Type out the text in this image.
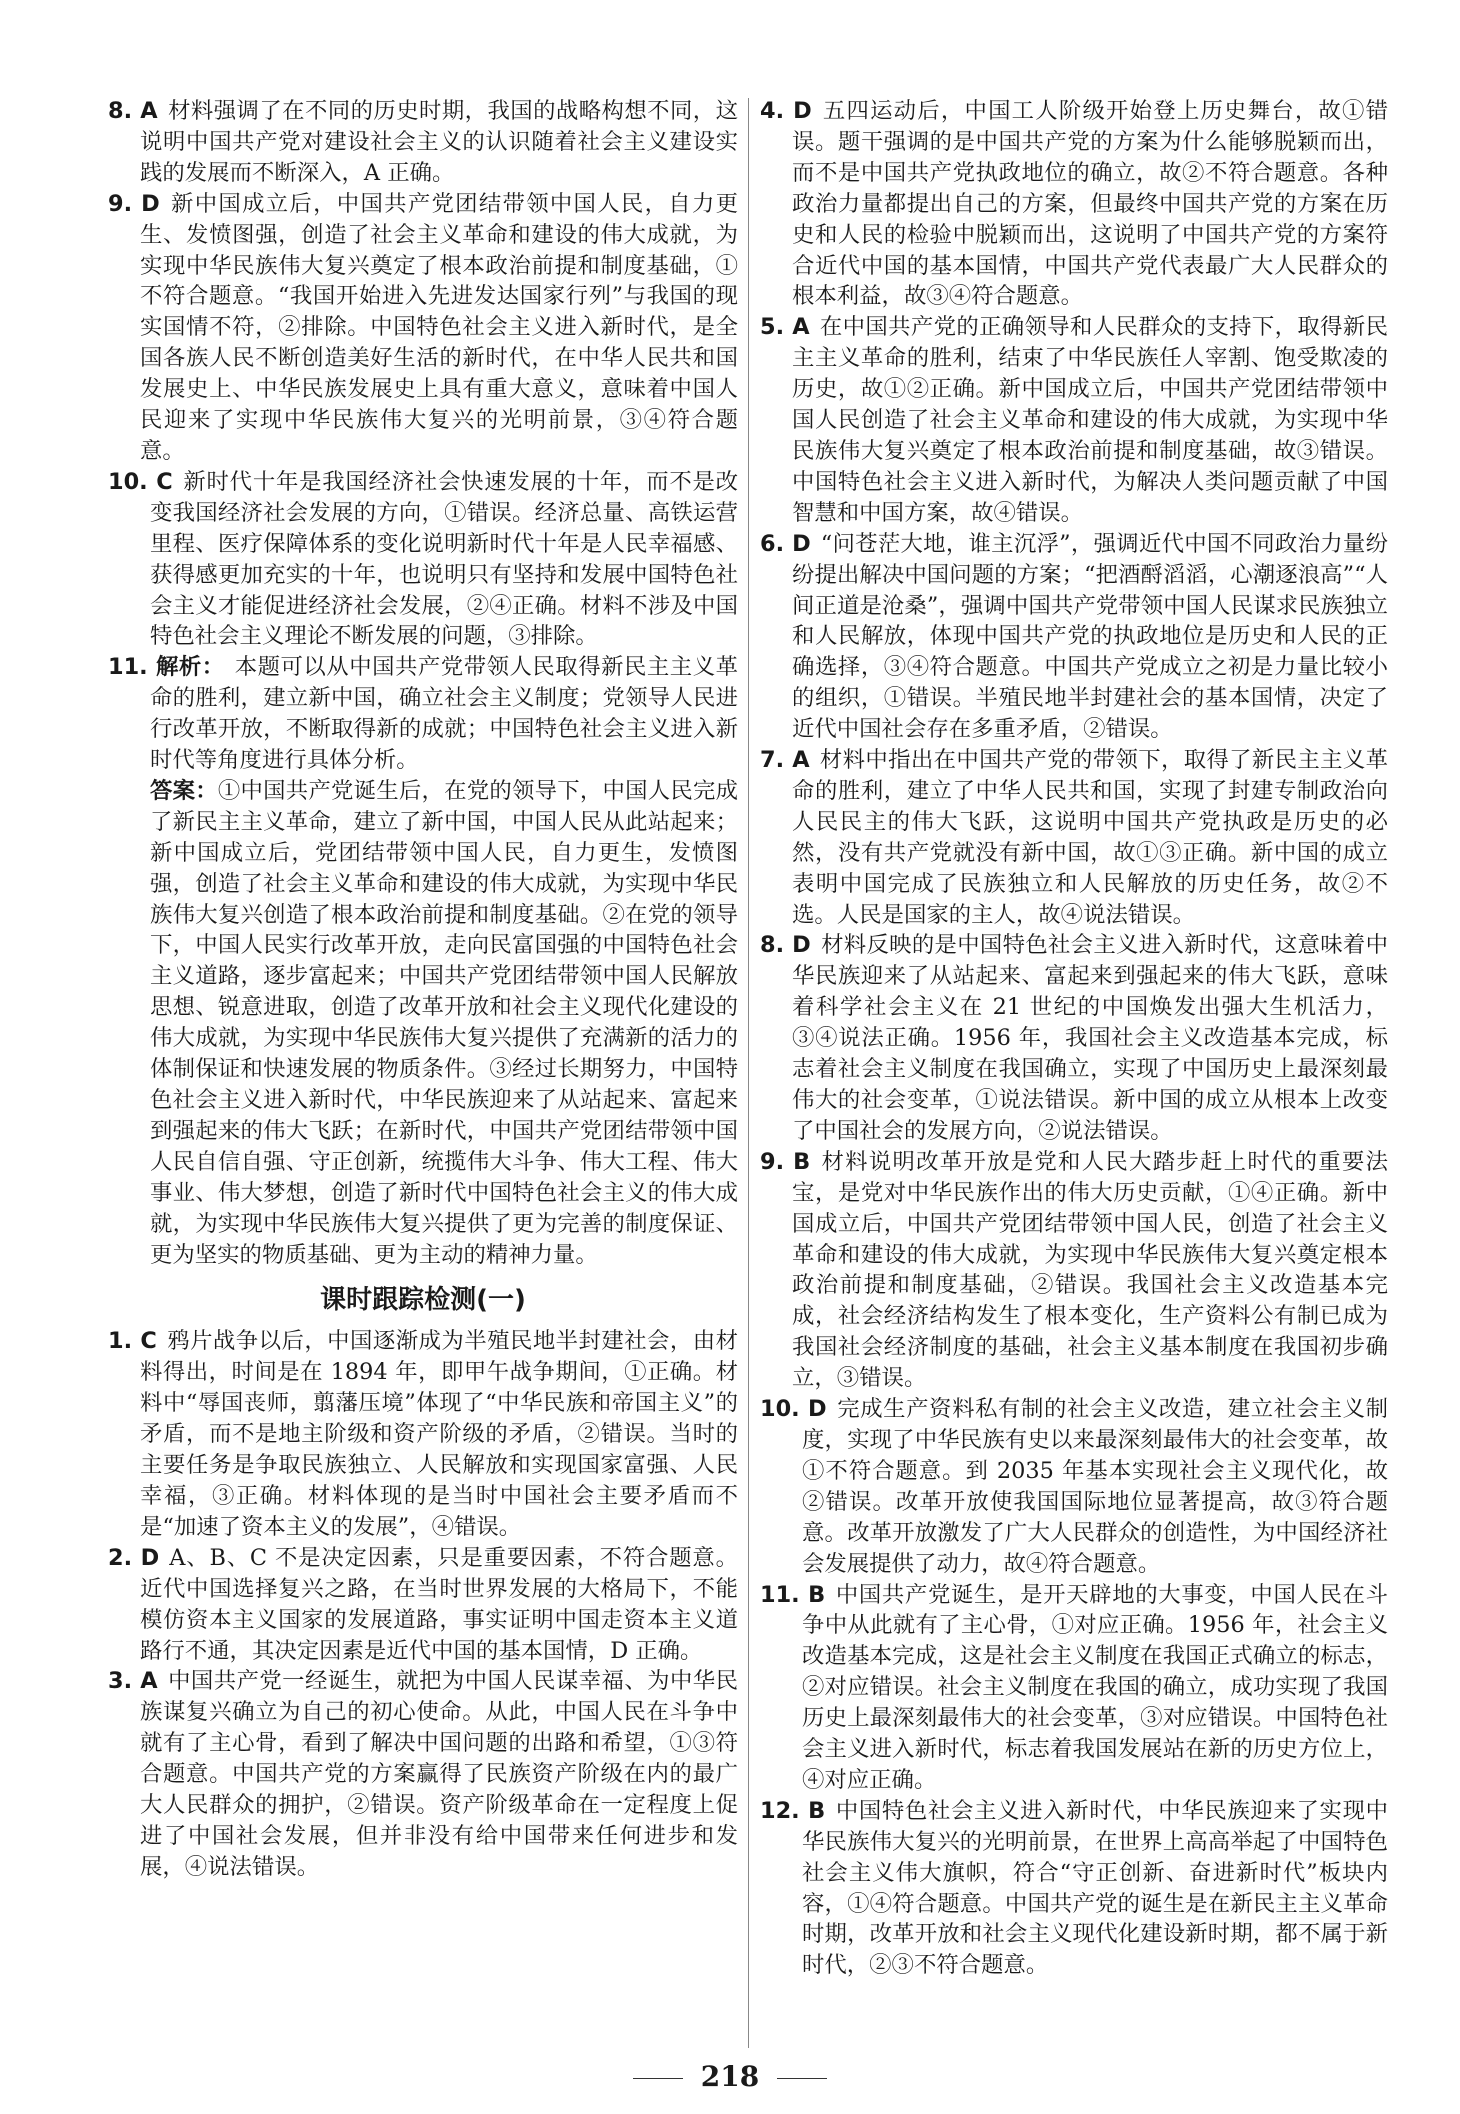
8. A 材料强调了在不同的历史时期，我国的战略构想不同，这说明中国共产党对建设社会主义的认识随着社会主义建设实践的发展而不断深入，A 正确。

9. D 新中国成立后，中国共产党团结带领中国人民，自力更生、发愤图强，创造了社会主义革命和建设的伟大成就，为实现中华民族伟大复兴奠定了根本政治前提和制度基础，①不符合题意。“我国开始进入先进发达国家行列”与我国的现实国情不符，②排除。中国特色社会主义进入新时代，是全国各族人民不断创造美好生活的新时代，在中华人民共和国发展史上、中华民族发展史上具有重大意义，意味着中国人民迎来了实现中华民族伟大复兴的光明前景，③④符合题意。

10. C 新时代十年是我国经济社会快速发展的十年，而不是改变我国经济社会发展的方向，①错误。经济总量、高铁运营里程、医疗保障体系的变化说明新时代十年是人民幸福感、获得感更加充实的十年，也说明只有坚持和发展中国特色社会主义才能促进经济社会发展，②④正确。材料不涉及中国特色社会主义理论不断发展的问题，③排除。

11. 解析： 本题可以从中国共产党带领人民取得新民主主义革命的胜利，建立新中国，确立社会主义制度；党领导人民进行改革开放，不断取得新的成就；中国特色社会主义进入新时代等角度进行具体分析。

答案：①中国共产党诞生后，在党的领导下，中国人民完成了新民主主义革命，建立了新中国，中国人民从此站起来；新中国成立后，党团结带领中国人民，自力更生，发愤图强，创造了社会主义革命和建设的伟大成就，为实现中华民族伟大复兴创造了根本政治前提和制度基础。②在党的领导下，中国人民实行改革开放，走向民富国强的中国特色社会主义道路，逐步富起来；中国共产党团结带领中国人民解放思想、锐意进取，创造了改革开放和社会主义现代化建设的伟大成就，为实现中华民族伟大复兴提供了充满新的活力的体制保证和快速发展的物质条件。③经过长期努力，中国特色社会主义进入新时代，中华民族迎来了从站起来、富起来到强起来的伟大飞跃；在新时代，中国共产党团结带领中国人民自信自强、守正创新，统揽伟大斗争、伟大工程、伟大事业、伟大梦想，创造了新时代中国特色社会主义的伟大成就，为实现中华民族伟大复兴提供了更为完善的制度保证、更为坚实的物质基础、更为主动的精神力量。

课时跟踪检测(一)

1. C 鸦片战争以后，中国逐渐成为半殖民地半封建社会，由材料得出，时间是在 1894 年，即甲午战争期间，①正确。材料中“辱国丧师，翦藩压境”体现了“中华民族和帝国主义”的矛盾，而不是地主阶级和资产阶级的矛盾，②错误。当时的主要任务是争取民族独立、人民解放和实现国家富强、人民幸福，③正确。材料体现的是当时中国社会主要矛盾而不是“加速了资本主义的发展”，④错误。

2. D A、B、C 不是决定因素，只是重要因素，不符合题意。近代中国选择复兴之路，在当时世界发展的大格局下，不能模仿资本主义国家的发展道路，事实证明中国走资本主义道路行不通，其决定因素是近代中国的基本国情，D 正确。

3. A 中国共产党一经诞生，就把为中国人民谋幸福、为中华民族谋复兴确立为自己的初心使命。从此，中国人民在斗争中就有了主心骨，看到了解决中国问题的出路和希望，①③符合题意。中国共产党的方案赢得了民族资产阶级在内的最广大人民群众的拥护，②错误。资产阶级革命在一定程度上促进了中国社会发展，但并非没有给中国带来任何进步和发展，④说法错误。

4. D 五四运动后，中国工人阶级开始登上历史舞台，故①错误。题干强调的是中国共产党的方案为什么能够脱颖而出，而不是中国共产党执政地位的确立，故②不符合题意。各种政治力量都提出自己的方案，但最终中国共产党的方案在历史和人民的检验中脱颖而出，这说明了中国共产党的方案符合近代中国的基本国情，中国共产党代表最广大人民群众的根本利益，故③④符合题意。

5. A 在中国共产党的正确领导和人民群众的支持下，取得新民主主义革命的胜利，结束了中华民族任人宰割、饱受欺凌的历史，故①②正确。新中国成立后，中国共产党团结带领中国人民创造了社会主义革命和建设的伟大成就，为实现中华民族伟大复兴奠定了根本政治前提和制度基础，故③错误。中国特色社会主义进入新时代，为解决人类问题贡献了中国智慧和中国方案，故④错误。

6. D “问苍茫大地，谁主沉浮”，强调近代中国不同政治力量纷纷提出解决中国问题的方案；“把酒酹滔滔，心潮逐浪高”“人间正道是沧桑”，强调中国共产党带领中国人民谋求民族独立和人民解放，体现中国共产党的执政地位是历史和人民的正确选择，③④符合题意。中国共产党成立之初是力量比较小的组织，①错误。半殖民地半封建社会的基本国情，决定了近代中国社会存在多重矛盾，②错误。

7. A 材料中指出在中国共产党的带领下，取得了新民主主义革命的胜利，建立了中华人民共和国，实现了封建专制政治向人民民主的伟大飞跃，这说明中国共产党执政是历史的必然，没有共产党就没有新中国，故①③正确。新中国的成立表明中国完成了民族独立和人民解放的历史任务，故②不选。人民是国家的主人，故④说法错误。

8. D 材料反映的是中国特色社会主义进入新时代，这意味着中华民族迎来了从站起来、富起来到强起来的伟大飞跃，意味着科学社会主义在 21 世纪的中国焕发出强大生机活力，③④说法正确。1956 年，我国社会主义改造基本完成，标志着社会主义制度在我国确立，实现了中国历史上最深刻最伟大的社会变革，①说法错误。新中国的成立从根本上改变了中国社会的发展方向，②说法错误。

9. B 材料说明改革开放是党和人民大踏步赶上时代的重要法宝，是党对中华民族作出的伟大历史贡献，①④正确。新中国成立后，中国共产党团结带领中国人民，创造了社会主义革命和建设的伟大成就，为实现中华民族伟大复兴奠定根本政治前提和制度基础，②错误。我国社会主义改造基本完成，社会经济结构发生了根本变化，生产资料公有制已成为我国社会经济制度的基础，社会主义基本制度在我国初步确立，③错误。

10. D 完成生产资料私有制的社会主义改造，建立社会主义制度，实现了中华民族有史以来最深刻最伟大的社会变革，故①不符合题意。到 2035 年基本实现社会主义现代化，故②错误。改革开放使我国国际地位显著提高，故③符合题意。改革开放激发了广大人民群众的创造性，为中国经济社会发展提供了动力，故④符合题意。

11. B 中国共产党诞生，是开天辟地的大事变，中国人民在斗争中从此就有了主心骨，①对应正确。1956 年，社会主义改造基本完成，这是社会主义制度在我国正式确立的标志，②对应错误。社会主义制度在我国的确立，成功实现了我国历史上最深刻最伟大的社会变革，③对应错误。中国特色社会主义进入新时代，标志着我国发展站在新的历史方位上，④对应正确。

12. B 中国特色社会主义进入新时代，中华民族迎来了实现中华民族伟大复兴的光明前景，在世界上高高举起了中国特色社会主义伟大旗帜，符合“守正创新、奋进新时代”板块内容，①④符合题意。中国共产党的诞生是在新民主主义革命时期，改革开放和社会主义现代化建设新时期，都不属于新时代，②③不符合题意。

218
